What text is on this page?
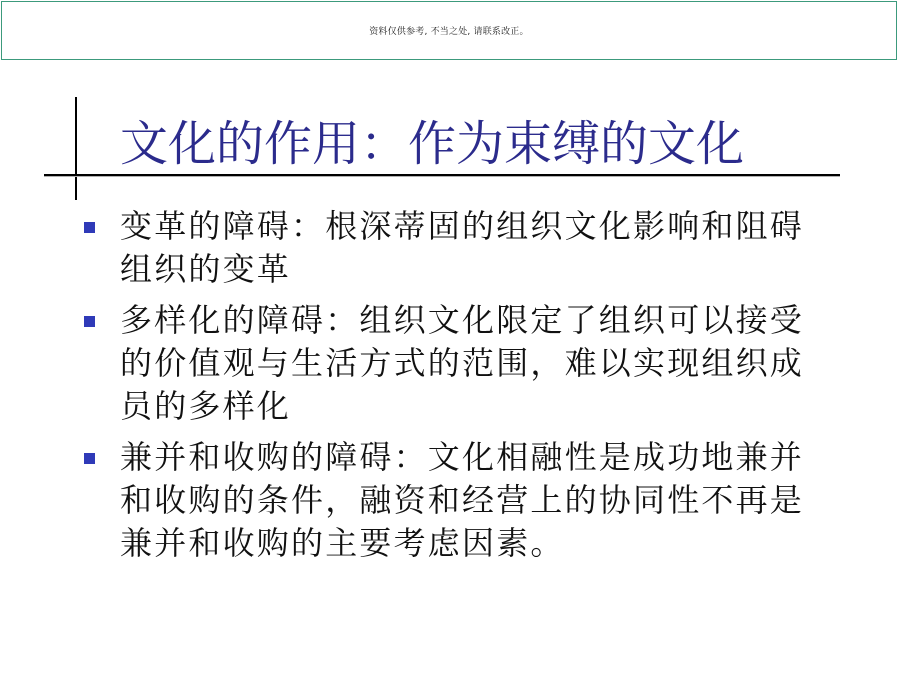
资料仅供参考, 不当之处, 请联系改正。
文化的作用：作为束缚的文化
变革的障碍：根深蒂固的组织文化影响和阻碍组织的变革
多样化的障碍：组织文化限定了组织可以接受的价值观与生活方式的范围，难以实现组织成员的多样化
兼并和收购的障碍：文化相融性是成功地兼并和收购的条件，融资和经营上的协同性不再是兼并和收购的主要考虑因素。
